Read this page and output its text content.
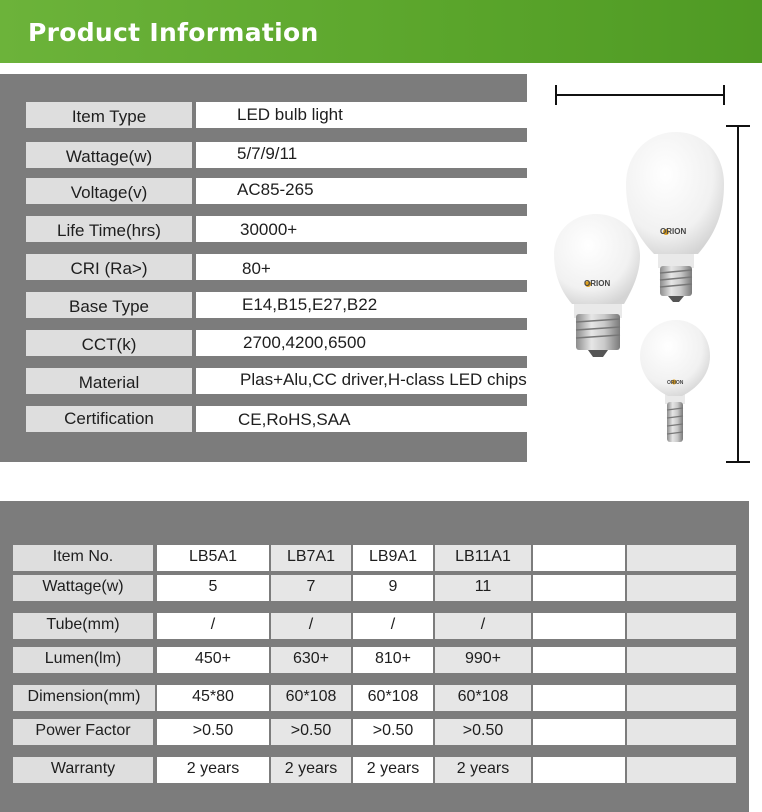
Product Information
Item Type	LED bulb light
Wattage(w)	5/7/9/11
Voltage(v)	AC85-265
Life Time(hrs)	30000+
CRI (Ra>)	80+
Base Type	E14,B15,E27,B22
CCT(k)	2700,4200,6500
Material	Plas+Alu,CC driver,H-class LED chips
Certification	CE,RoHS,SAA
ORION
ORION
ORION
Item No.	LB5A1	LB7A1	LB9A1	LB11A1
Wattage(w)	5	7	9	11
Tube(mm)	/	/	/	/
Lumen(lm)	450+	630+	810+	990+
Dimension(mm)	45*80	60*108	60*108	60*108
Power Factor	>0.50	>0.50	>0.50	>0.50
Warranty	2 years	2 years	2 years	2 years
